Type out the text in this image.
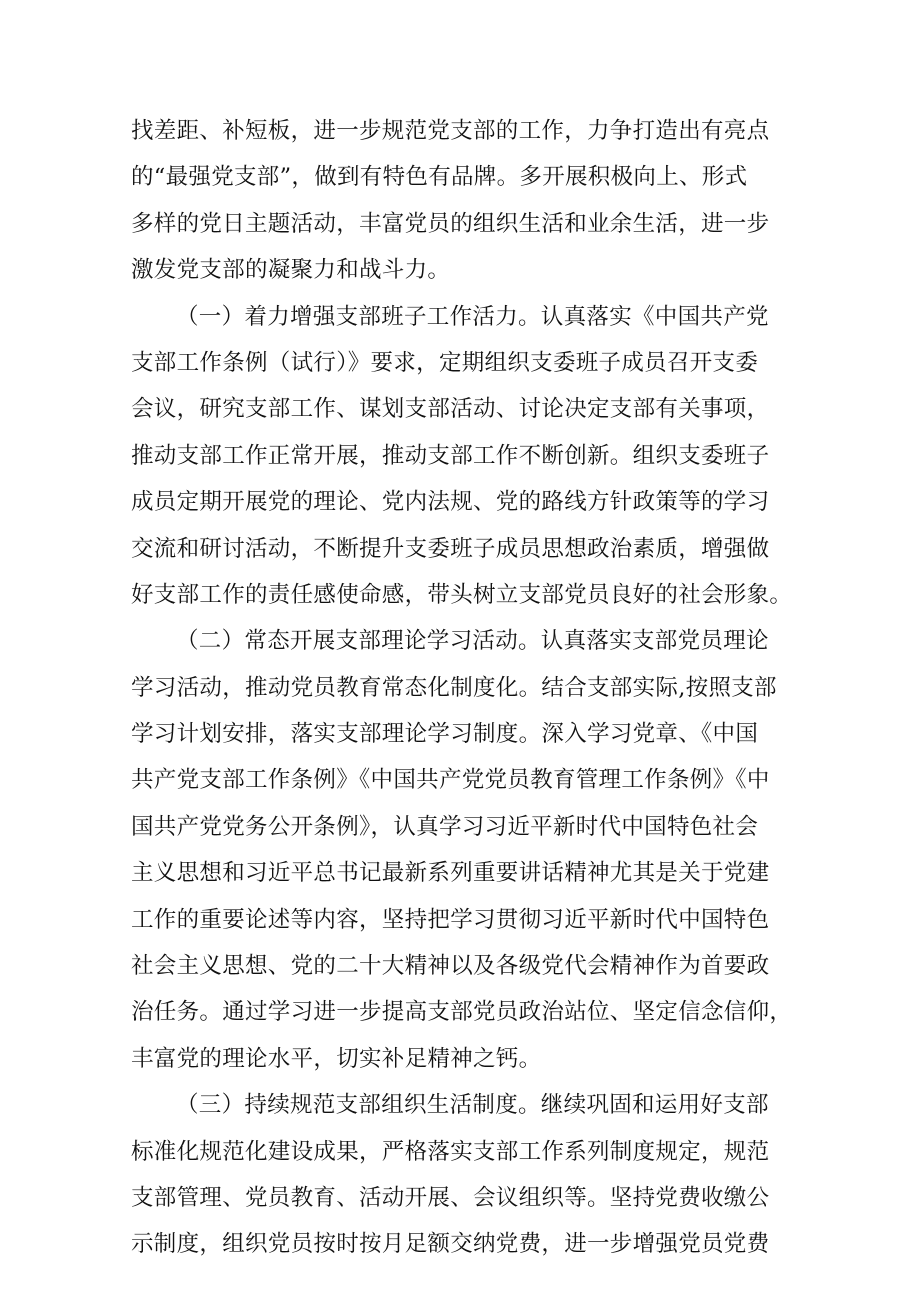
找差距、补短板，进一步规范党支部的工作，力争打造出有亮点
的“最强党支部”，做到有特色有品牌。多开展积极向上、形式
多样的党日主题活动，丰富党员的组织生活和业余生活，进一步
激发党支部的凝聚力和战斗力。
（一）着力增强支部班子工作活力。认真落实《中国共产党
支部工作条例（试行）》要求，定期组织支委班子成员召开支委
会议，研究支部工作、谋划支部活动、讨论决定支部有关事项，
推动支部工作正常开展，推动支部工作不断创新。组织支委班子
成员定期开展党的理论、党内法规、党的路线方针政策等的学习
交流和研讨活动，不断提升支委班子成员思想政治素质，增强做
好支部工作的责任感使命感，带头树立支部党员良好的社会形象。
（二）常态开展支部理论学习活动。认真落实支部党员理论
学习活动，推动党员教育常态化制度化。结合支部实际,按照支部
学习计划安排，落实支部理论学习制度。深入学习党章、《中国
共产党支部工作条例》《中国共产党党员教育管理工作条例》《中
国共产党党务公开条例》，认真学习习近平新时代中国特色社会
主义思想和习近平总书记最新系列重要讲话精神尤其是关于党建
工作的重要论述等内容，坚持把学习贯彻习近平新时代中国特色
社会主义思想、党的二十大精神以及各级党代会精神作为首要政
治任务。通过学习进一步提高支部党员政治站位、坚定信念信仰，
丰富党的理论水平，切实补足精神之钙。
（三）持续规范支部组织生活制度。继续巩固和运用好支部
标准化规范化建设成果，严格落实支部工作系列制度规定，规范
支部管理、党员教育、活动开展、会议组织等。坚持党费收缴公
示制度，组织党员按时按月足额交纳党费，进一步增强党员党费
